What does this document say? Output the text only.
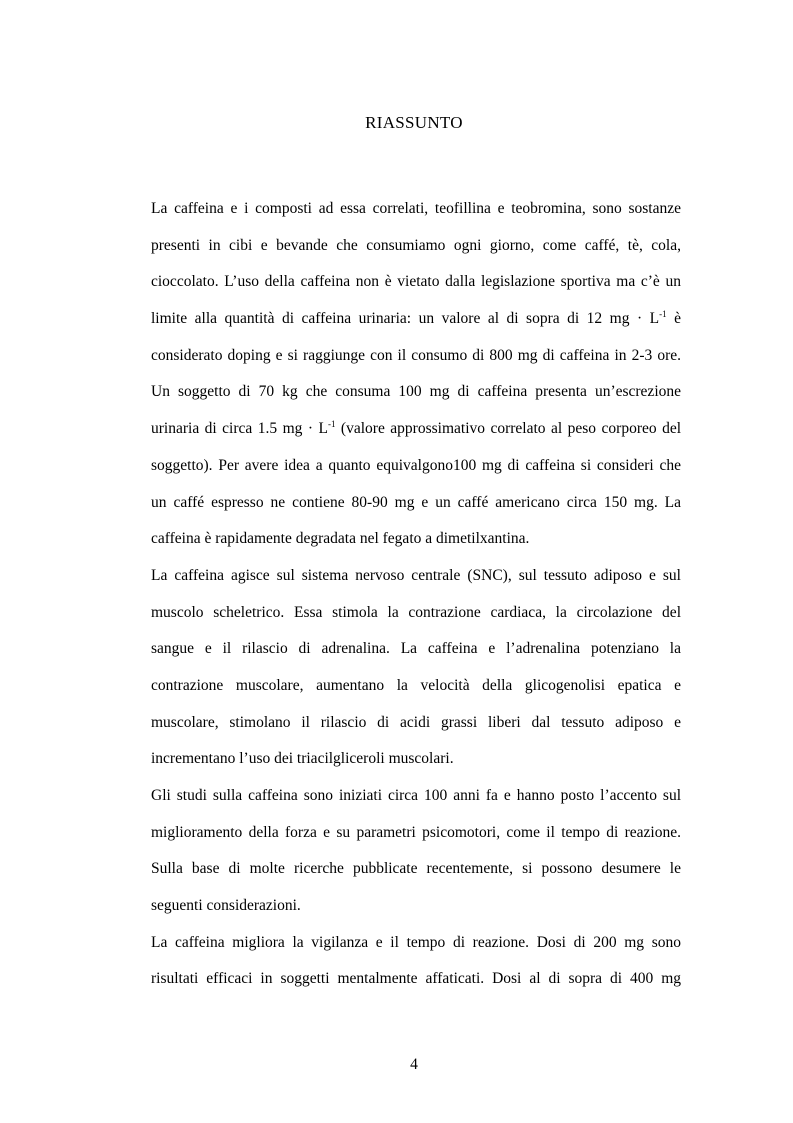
RIASSUNTO
La caffeina e i composti ad essa correlati, teofillina e teobromina, sono sostanze
presenti in cibi e bevande che consumiamo ogni giorno, come caffé, tè, cola,
cioccolato. L’uso della caffeina non è vietato dalla legislazione sportiva ma c’è un
limite alla quantità di caffeina urinaria: un valore al di sopra di 12 mg · $L^{-1}$ è
considerato doping e si raggiunge con il consumo di 800 mg di caffeina in 2-3 ore.
Un soggetto di 70 kg che consuma 100 mg di caffeina presenta un’escrezione
urinaria di circa 1.5 mg · $L^{-1}$ (valore approssimativo correlato al peso corporeo del
soggetto). Per avere idea a quanto equivalgono100 mg di caffeina si consideri che
un caffé espresso ne contiene 80-90 mg e un caffé americano circa 150 mg. La
caffeina è rapidamente degradata nel fegato a dimetilxantina.
La caffeina agisce sul sistema nervoso centrale (SNC), sul tessuto adiposo e sul
muscolo scheletrico. Essa stimola la contrazione cardiaca, la circolazione del
sangue e il rilascio di adrenalina. La caffeina e l’adrenalina potenziano la
contrazione muscolare, aumentano la velocità della glicogenolisi epatica e
muscolare, stimolano il rilascio di acidi grassi liberi dal tessuto adiposo e
incrementano l’uso dei triacilgliceroli muscolari.
Gli studi sulla caffeina sono iniziati circa 100 anni fa e hanno posto l’accento sul
miglioramento della forza e su parametri psicomotori, come il tempo di reazione.
Sulla base di molte ricerche pubblicate recentemente, si possono desumere le
seguenti considerazioni.
La caffeina migliora la vigilanza e il tempo di reazione. Dosi di 200 mg sono
risultati efficaci in soggetti mentalmente affaticati. Dosi al di sopra di 400 mg
4
